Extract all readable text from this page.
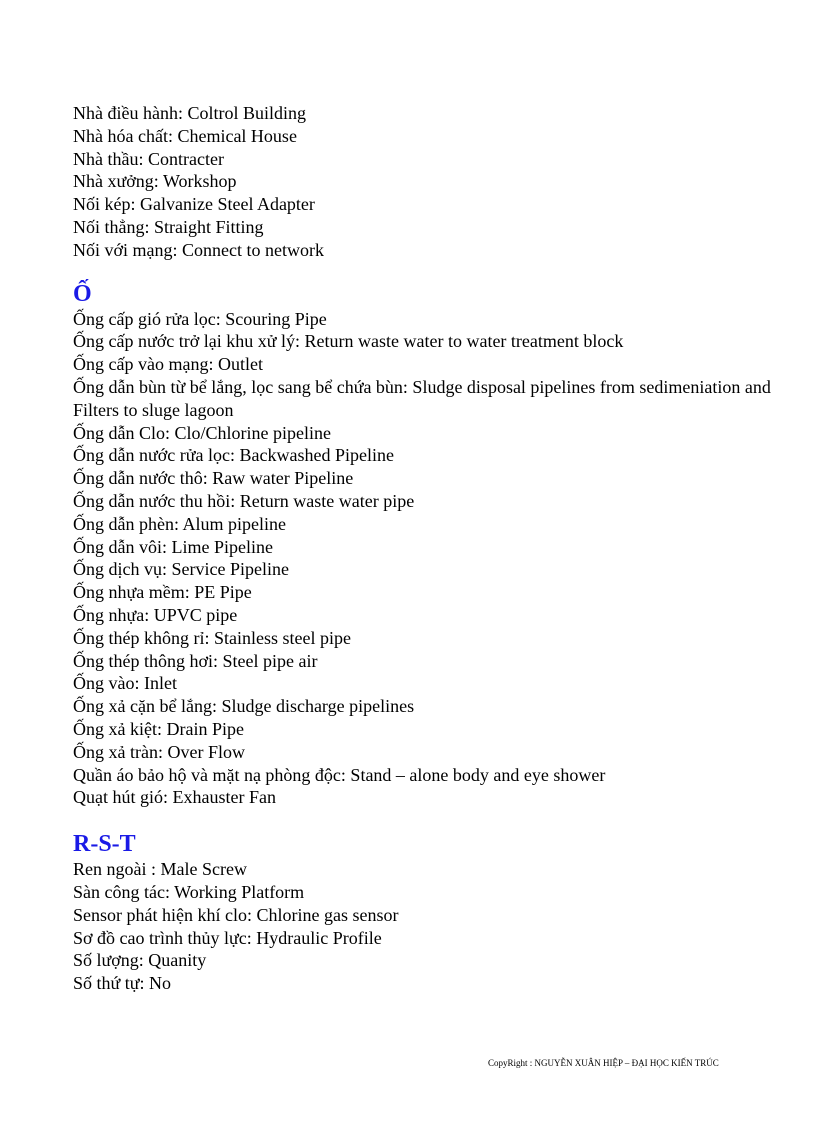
Nhà điều hành: Coltrol Building

Nhà hóa chất: Chemical House

Nhà thầu: Contracter

Nhà xưởng: Workshop

Nối kép: Galvanize Steel Adapter

Nối thẳng: Straight Fitting

Nối với mạng: Connect to network

Ố

Ống cấp gió rửa lọc: Scouring Pipe

Ống cấp nước trở lại khu xử lý: Return waste water to water treatment block

Ống cấp vào mạng: Outlet

Ống dẫn bùn từ bể lắng, lọc sang bể chứa bùn: Sludge disposal pipelines from sedimeniation and Filters to sluge lagoon

Ống dẫn Clo: Clo/Chlorine pipeline

Ống dẫn nước rửa lọc: Backwashed Pipeline

Ống dẫn nước thô: Raw water Pipeline

Ống dẫn nước thu hồi: Return waste water pipe

Ống dẫn phèn: Alum pipeline

Ống dẫn vôi: Lime Pipeline

Ống dịch vụ: Service Pipeline

Ống nhựa mềm: PE Pipe

Ống nhựa: UPVC pipe

Ống thép không rỉ: Stainless steel pipe

Ống thép thông hơi: Steel pipe air

Ống vào: Inlet

Ống xả cặn bể lắng: Sludge discharge pipelines

Ống xả kiệt: Drain Pipe

Ống xả tràn: Over Flow

Quần áo bảo hộ và mặt nạ phòng độc: Stand – alone body and eye shower

Quạt hút gió: Exhauster Fan

R-S-T

Ren ngoài : Male Screw

Sàn công tác: Working Platform

Sensor phát hiện khí clo: Chlorine gas sensor

Sơ đồ cao trình thủy lực: Hydraulic Profile

Số lượng: Quanity

Số thứ tự: No

CopyRight : NGUYỄN XUÂN HIỆP – ĐẠI HỌC KIẾN TRÚC
